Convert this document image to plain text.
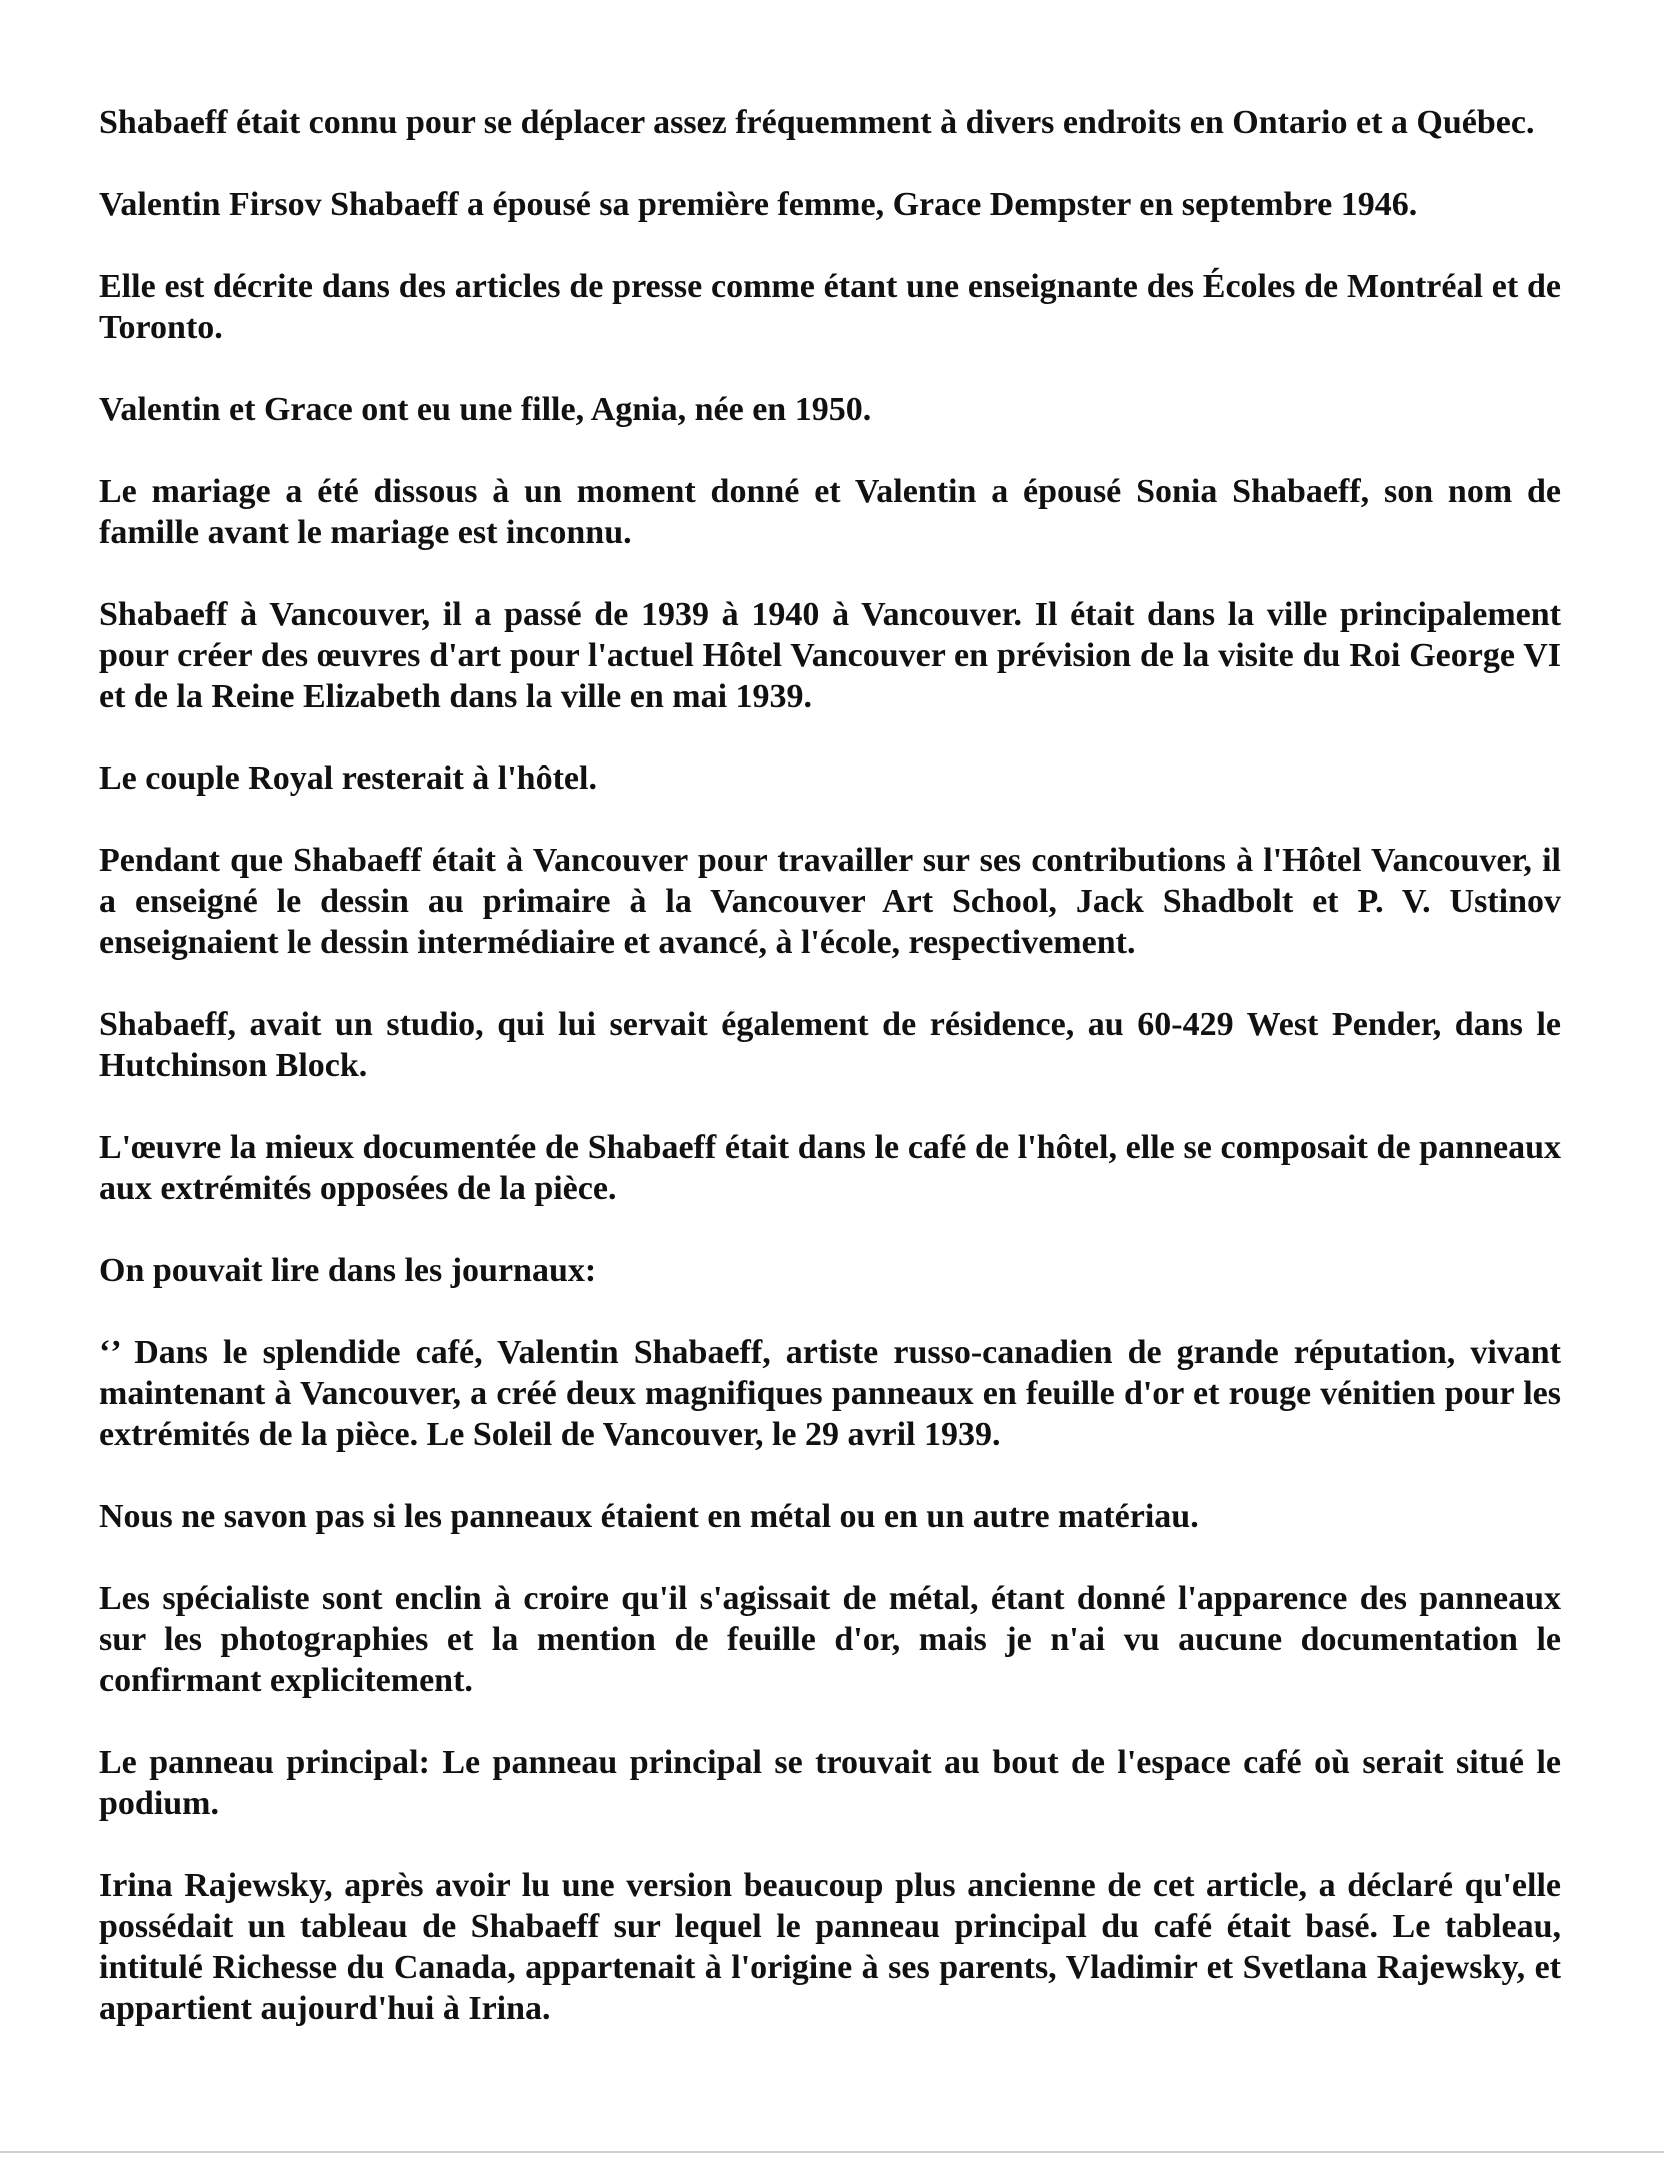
Shabaeff était connu pour se déplacer assez fréquemment à divers endroits en Ontario et a Québec.

Valentin Firsov Shabaeff a épousé sa première femme, Grace Dempster en septembre 1946.

Elle est décrite dans des articles de presse comme étant une enseignante des Écoles de Montréal et de Toronto.

Valentin et Grace ont eu une fille, Agnia, née en 1950.

Le mariage a été dissous à un moment donné et Valentin a épousé Sonia Shabaeff, son nom de famille avant le mariage est inconnu.

Shabaeff à Vancouver, il a passé de 1939 à 1940 à Vancouver. Il était dans la ville principalement pour créer des œuvres d'art pour l'actuel Hôtel Vancouver en prévision de la visite du Roi George VI et de la Reine Elizabeth dans la ville en mai 1939.

Le couple Royal resterait à l'hôtel.

Pendant que Shabaeff était à Vancouver pour travailler sur ses contributions à l'Hôtel Vancouver, il a enseigné le dessin au primaire à la Vancouver Art School, Jack Shadbolt et P. V. Ustinov enseignaient le dessin intermédiaire et avancé, à l'école, respectivement.

Shabaeff, avait un studio, qui lui servait également de résidence, au 60-429 West Pender, dans le Hutchinson Block.

L'œuvre la mieux documentée de Shabaeff était dans le café de l'hôtel, elle se composait de panneaux aux extrémités opposées de la pièce.

On pouvait lire dans les journaux:

‘’ Dans le splendide café, Valentin Shabaeff, artiste russo-canadien de grande réputation, vivant maintenant à Vancouver, a créé deux magnifiques panneaux en feuille d'or et rouge vénitien pour les extrémités de la pièce. Le Soleil de Vancouver, le 29 avril 1939.

Nous ne savon pas si les panneaux étaient en métal ou en un autre matériau.

Les spécialiste sont enclin à croire qu'il s'agissait de métal, étant donné l'apparence des panneaux sur les photographies et la mention de feuille d'or, mais je n'ai vu aucune documentation le confirmant explicitement.

Le panneau principal: Le panneau principal se trouvait au bout de l'espace café où serait situé le podium.

Irina Rajewsky, après avoir lu une version beaucoup plus ancienne de cet article, a déclaré qu'elle possédait un tableau de Shabaeff sur lequel le panneau principal du café était basé. Le tableau, intitulé Richesse du Canada, appartenait à l'origine à ses parents, Vladimir et Svetlana Rajewsky, et appartient aujourd'hui à Irina.
